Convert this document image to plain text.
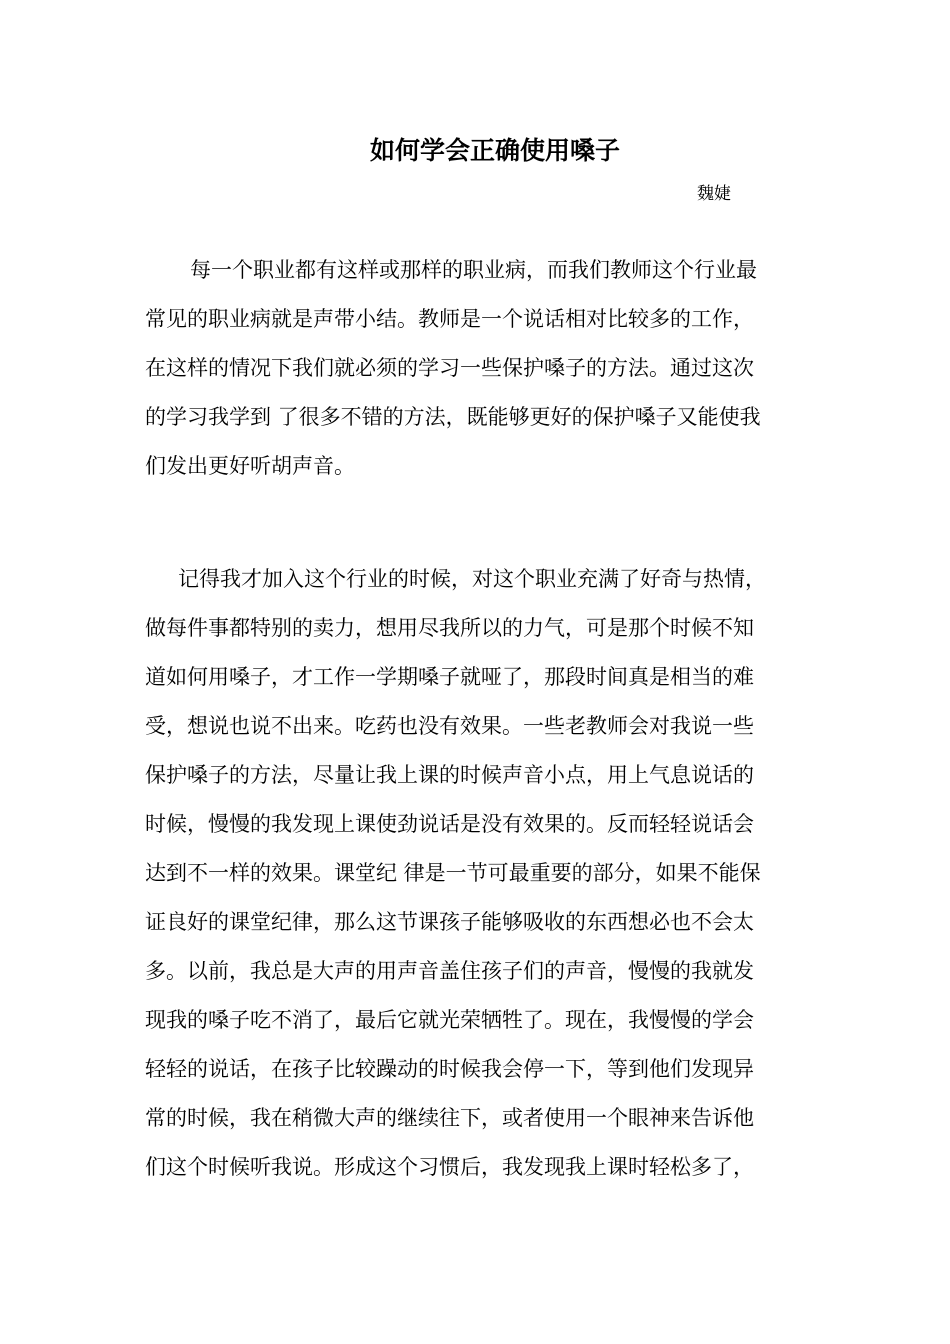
如何学会正确使用嗓子
魏婕
每一个职业都有这样或那样的职业病，而我们教师这个行业最
常见的职业病就是声带小结。教师是一个说话相对比较多的工作，
在这样的情况下我们就必须的学习一些保护嗓子的方法。通过这次
的学习我学到 了很多不错的方法，既能够更好的保护嗓子又能使我
们发出更好听胡声音。
记得我才加入这个行业的时候，对这个职业充满了好奇与热情，
做每件事都特别的卖力，想用尽我所以的力气，可是那个时候不知
道如何用嗓子，才工作一学期嗓子就哑了，那段时间真是相当的难
受，想说也说不出来。吃药也没有效果。一些老教师会对我说一些
保护嗓子的方法，尽量让我上课的时候声音小点，用上气息说话的
时候，慢慢的我发现上课使劲说话是没有效果的。反而轻轻说话会
达到不一样的效果。课堂纪 律是一节可最重要的部分，如果不能保
证良好的课堂纪律，那么这节课孩子能够吸收的东西想必也不会太
多。以前，我总是大声的用声音盖住孩子们的声音，慢慢的我就发
现我的嗓子吃不消了，最后它就光荣牺牲了。现在，我慢慢的学会
轻轻的说话，在孩子比较躁动的时候我会停一下，等到他们发现异
常的时候，我在稍微大声的继续往下，或者使用一个眼神来告诉他
们这个时候听我说。形成这个习惯后，我发现我上课时轻松多了，
